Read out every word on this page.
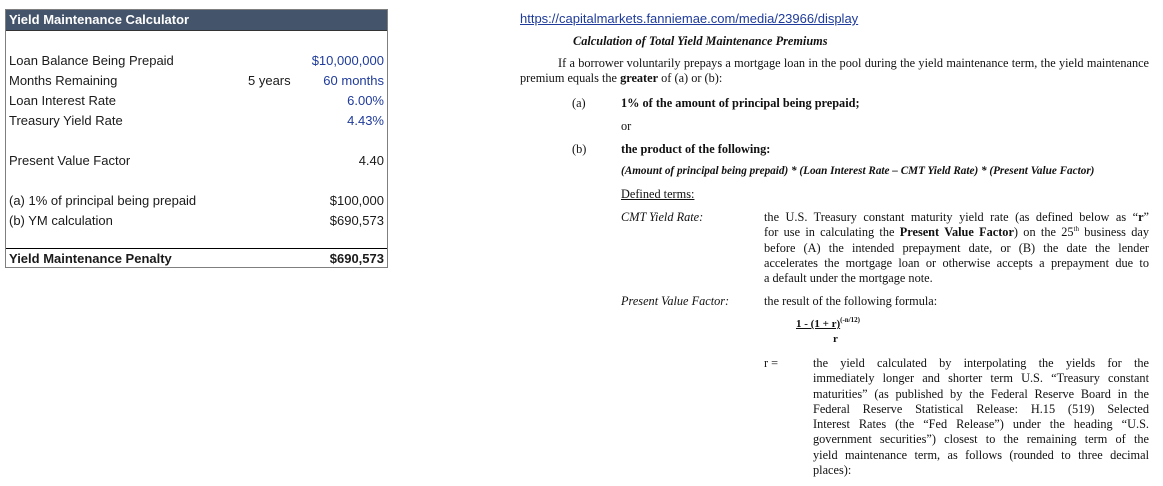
Yield Maintenance Calculator
Loan Balance Being Prepaid	$10,000,000
Months Remaining	5 years	60 months
Loan Interest Rate	6.00%
Treasury Yield Rate	4.43%
Present Value Factor	4.40
(a) 1% of principal being prepaid	$100,000
(b) YM calculation	$690,573
Yield Maintenance Penalty	$690,573
https://capitalmarkets.fanniemae.com/media/23966/display
Calculation of Total Yield Maintenance Premiums
If a borrower voluntarily prepays a mortgage loan in the pool during the yield maintenance term, the yield maintenance premium equals the greater of (a) or (b):
(a)	1% of the amount of principal being prepaid;
or
(b)	the product of the following:
(Amount of principal being prepaid) * (Loan Interest Rate – CMT Yield Rate) * (Present Value Factor)
Defined terms:
CMT Yield Rate:	the U.S. Treasury constant maturity yield rate (as defined below as “r”
for use in calculating the Present Value Factor) on the 25th business day
before (A) the intended prepayment date, or (B) the date the lender
accelerates the mortgage loan or otherwise accepts a prepayment due to
a default under the mortgage note.
Present Value Factor:	the result of the following formula:
$1 - (1 + r)^{(-n/12)}$
r
r =	the yield calculated by interpolating the yields for the
immediately longer and shorter term U.S. “Treasury constant
maturities” (as published by the Federal Reserve Board in the
Federal Reserve Statistical Release: H.15 (519) Selected
Interest Rates (the “Fed Release”) under the heading “U.S.
government securities”) closest to the remaining term of the
yield maintenance term, as follows (rounded to three decimal
places):
